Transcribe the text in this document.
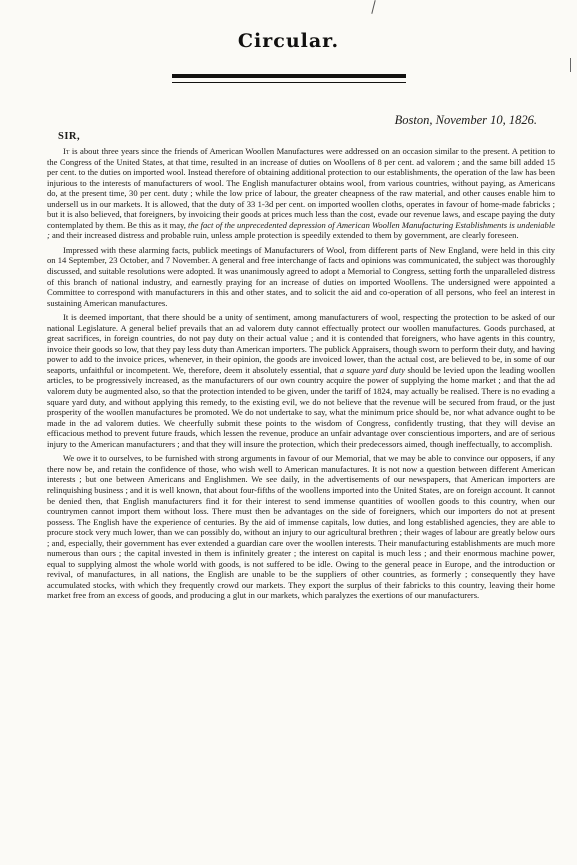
Circular.
Boston, November 10, 1826.
SIR,

It is about three years since the friends of American Woollen Manufactures were addressed on an occasion similar to the present. A petition to the Congress of the United States, at that time, resulted in an increase of duties on Woollens of 8 per cent. ad valorem ; and the same bill added 15 per cent. to the duties on imported wool. Instead therefore of obtaining additional protection to our establishments, the operation of the law has been injurious to the interests of manufacturers of wool. The English manufacturer obtains wool, from various countries, without paying, as Americans do, at the present time, 30 per cent. duty ; while the low price of labour, the greater cheapness of the raw material, and other causes enable him to undersell us in our markets. It is allowed, that the duty of 33 1-3d per cent. on imported woollen cloths, operates in favour of home-made fabricks ; but it is also believed, that foreigners, by invoicing their goods at prices much less than the cost, evade our revenue laws, and escape paying the duty contemplated by them. Be this as it may, the fact of the unprecedented depression of American Woollen Manufacturing Establishments is undeniable ; and their increased distress and probable ruin, unless ample protection is speedily extended to them by government, are clearly foreseen.

Impressed with these alarming facts, publick meetings of Manufacturers of Wool, from different parts of New England, were held in this city on 14 September, 23 October, and 7 November. A general and free interchange of facts and opinions was communicated, the subject was thoroughly discussed, and suitable resolutions were adopted. It was unanimously agreed to adopt a Memorial to Congress, setting forth the unparalleled distress of this branch of national industry, and earnestly praying for an increase of duties on imported Woollens. The undersigned were appointed a Committee to correspond with manufacturers in this and other states, and to solicit the aid and co-operation of all persons, who feel an interest in sustaining American manufactures.

It is deemed important, that there should be a unity of sentiment, among manufacturers of wool, respecting the protection to be asked of our national Legislature. A general belief prevails that an ad valorem duty cannot effectually protect our woollen manufactures. Goods purchased, at great sacrifices, in foreign countries, do not pay duty on their actual value ; and it is contended that foreigners, who have agents in this country, invoice their goods so low, that they pay less duty than American importers. The publick Appraisers, though sworn to perform their duty, and having power to add to the invoice prices, whenever, in their opinion, the goods are invoiced lower, than the actual cost, are believed to be, in some of our seaports, unfaithful or incompetent. We, therefore, deem it absolutely essential, that a square yard duty should be levied upon the leading woollen articles, to be progressively increased, as the manufacturers of our own country acquire the power of supplying the home market ; and that the ad valorem duty be augmented also, so that the protection intended to be given, under the tariff of 1824, may actually be realised. There is no evading a square yard duty, and without applying this remedy, to the existing evil, we do not believe that the revenue will be secured from fraud, or the just prosperity of the woollen manufactures be promoted. We do not undertake to say, what the minimum price should be, nor what advance ought to be made in the ad valorem duties. We cheerfully submit these points to the wisdom of Congress, confidently trusting, that they will devise an efficacious method to prevent future frauds, which lessen the revenue, produce an unfair advantage over conscientious importers, and are of serious injury to the American manufacturers ; and that they will insure the protection, which their predecessors aimed, though ineffectually, to accomplish.

We owe it to ourselves, to be furnished with strong arguments in favour of our Memorial, that we may be able to convince our opposers, if any there now be, and retain the confidence of those, who wish well to American manufactures. It is not now a question between different American interests ; but one between Americans and Englishmen. We see daily, in the advertisements of our newspapers, that American importers are relinquishing business ; and it is well known, that about four-fifths of the woollens imported into the United States, are on foreign account. It cannot be denied then, that English manufacturers find it for their interest to send immense quantities of woollen goods to this country, when our countrymen cannot import them without loss. There must then be advantages on the side of foreigners, which our importers do not at present possess. The English have the experience of centuries. By the aid of immense capitals, low duties, and long established agencies, they are able to procure stock very much lower, than we can possibly do, without an injury to our agricultural brethren ; their wages of labour are greatly below ours ; and, especially, their government has ever extended a guardian care over the woollen interests. Their manufacturing establishments are much more numerous than ours ; the capital invested in them is infinitely greater ; the interest on capital is much less ; and their enormous machine power, equal to supplying almost the whole world with goods, is not suffered to be idle. Owing to the general peace in Europe, and the introduction or revival, of manufactures, in all nations, the English are unable to be the suppliers of other countries, as formerly ; consequently they have accumulated stocks, with which they frequently crowd our markets. They export the surplus of their fabricks to this country, leaving their home market free from an excess of goods, and producing a glut in our markets, which paralyzes the exertions of our manufacturers.
